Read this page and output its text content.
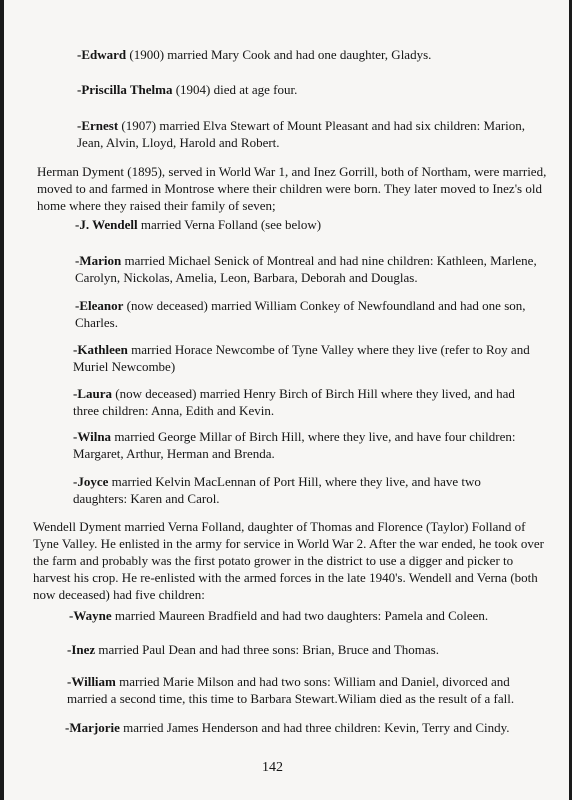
-Edward (1900) married Mary Cook and had one daughter, Gladys.

-Priscilla Thelma (1904) died at age four.

-Ernest (1907) married Elva Stewart of Mount Pleasant and had six children: Marion, Jean, Alvin, Lloyd, Harold and Robert.

Herman Dyment (1895), served in World War 1, and Inez Gorrill, both of Northam, were married, moved to and farmed in Montrose where their children were born. They later moved to Inez's old home where they raised their family of seven;

-J. Wendell married Verna Folland (see below)

-Marion married Michael Senick of Montreal and had nine children: Kathleen, Marlene, Carolyn, Nickolas, Amelia, Leon, Barbara, Deborah and Douglas.

-Eleanor (now deceased) married William Conkey of Newfoundland and had one son, Charles.

-Kathleen married Horace Newcombe of Tyne Valley where they live (refer to Roy and Muriel Newcombe)

-Laura (now deceased) married Henry Birch of Birch Hill where they lived, and had three children: Anna, Edith and Kevin.

-Wilna married George Millar of Birch Hill, where they live, and have four children: Margaret, Arthur, Herman and Brenda.

-Joyce married Kelvin MacLennan of Port Hill, where they live, and have two daughters: Karen and Carol.

Wendell Dyment married Verna Folland, daughter of Thomas and Florence (Taylor) Folland of Tyne Valley. He enlisted in the army for service in World War 2. After the war ended, he took over the farm and probably was the first potato grower in the district to use a digger and picker to harvest his crop. He re-enlisted with the armed forces in the late 1940's. Wendell and Verna (both now deceased) had five children:

-Wayne married Maureen Bradfield and had two daughters: Pamela and Coleen.

-Inez married Paul Dean and had three sons: Brian, Bruce and Thomas.

-William married Marie Milson and had two sons: William and Daniel, divorced and married a second time, this time to Barbara Stewart.Wiliam died as the result of a fall.

-Marjorie married James Henderson and had three children: Kevin, Terry and Cindy.

142
